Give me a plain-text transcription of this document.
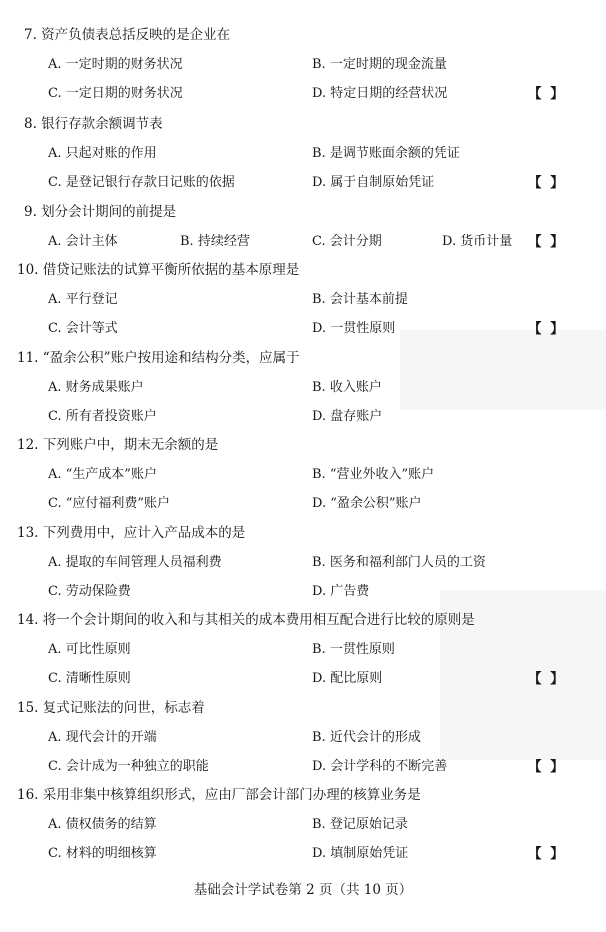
7. 资产负债表总括反映的是企业在
A. 一定时期的财务状况	B. 一定时期的现金流量
C. 一定日期的财务状况	D. 特定日期的经营状况	【 】
8. 银行存款余额调节表
A. 只起对账的作用	B. 是调节账面余额的凭证
C. 是登记银行存款日记账的依据	D. 属于自制原始凭证	【 】
9. 划分会计期间的前提是
A. 会计主体	B. 持续经营	C. 会计分期	D. 货币计量 【 】
10. 借贷记账法的试算平衡所依据的基本原理是
A. 平行登记	B. 会计基本前提
C. 会计等式	D. 一贯性原则	【 】
11. “盈余公积”账户按用途和结构分类，应属于
A. 财务成果账户	B. 收入账户
C. 所有者投资账户	D. 盘存账户
12. 下列账户中，期末无余额的是
A. “生产成本”账户	B. “营业外收入”账户
C. “应付福利费”账户	D. “盈余公积”账户
13. 下列费用中，应计入产品成本的是
A. 提取的车间管理人员福利费	B. 医务和福利部门人员的工资
C. 劳动保险费	D. 广告费
14. 将一个会计期间的收入和与其相关的成本费用相互配合进行比较的原则是
A. 可比性原则	B. 一贯性原则
C. 清晰性原则	D. 配比原则	【 】
15. 复式记账法的问世，标志着
A. 现代会计的开端	B. 近代会计的形成
C. 会计成为一种独立的职能	D. 会计学科的不断完善	【 】
16. 采用非集中核算组织形式，应由厂部会计部门办理的核算业务是
A. 债权债务的结算	B. 登记原始记录
C. 材料的明细核算	D. 填制原始凭证	【 】
基础会计学试卷第 2 页（共 10 页）
